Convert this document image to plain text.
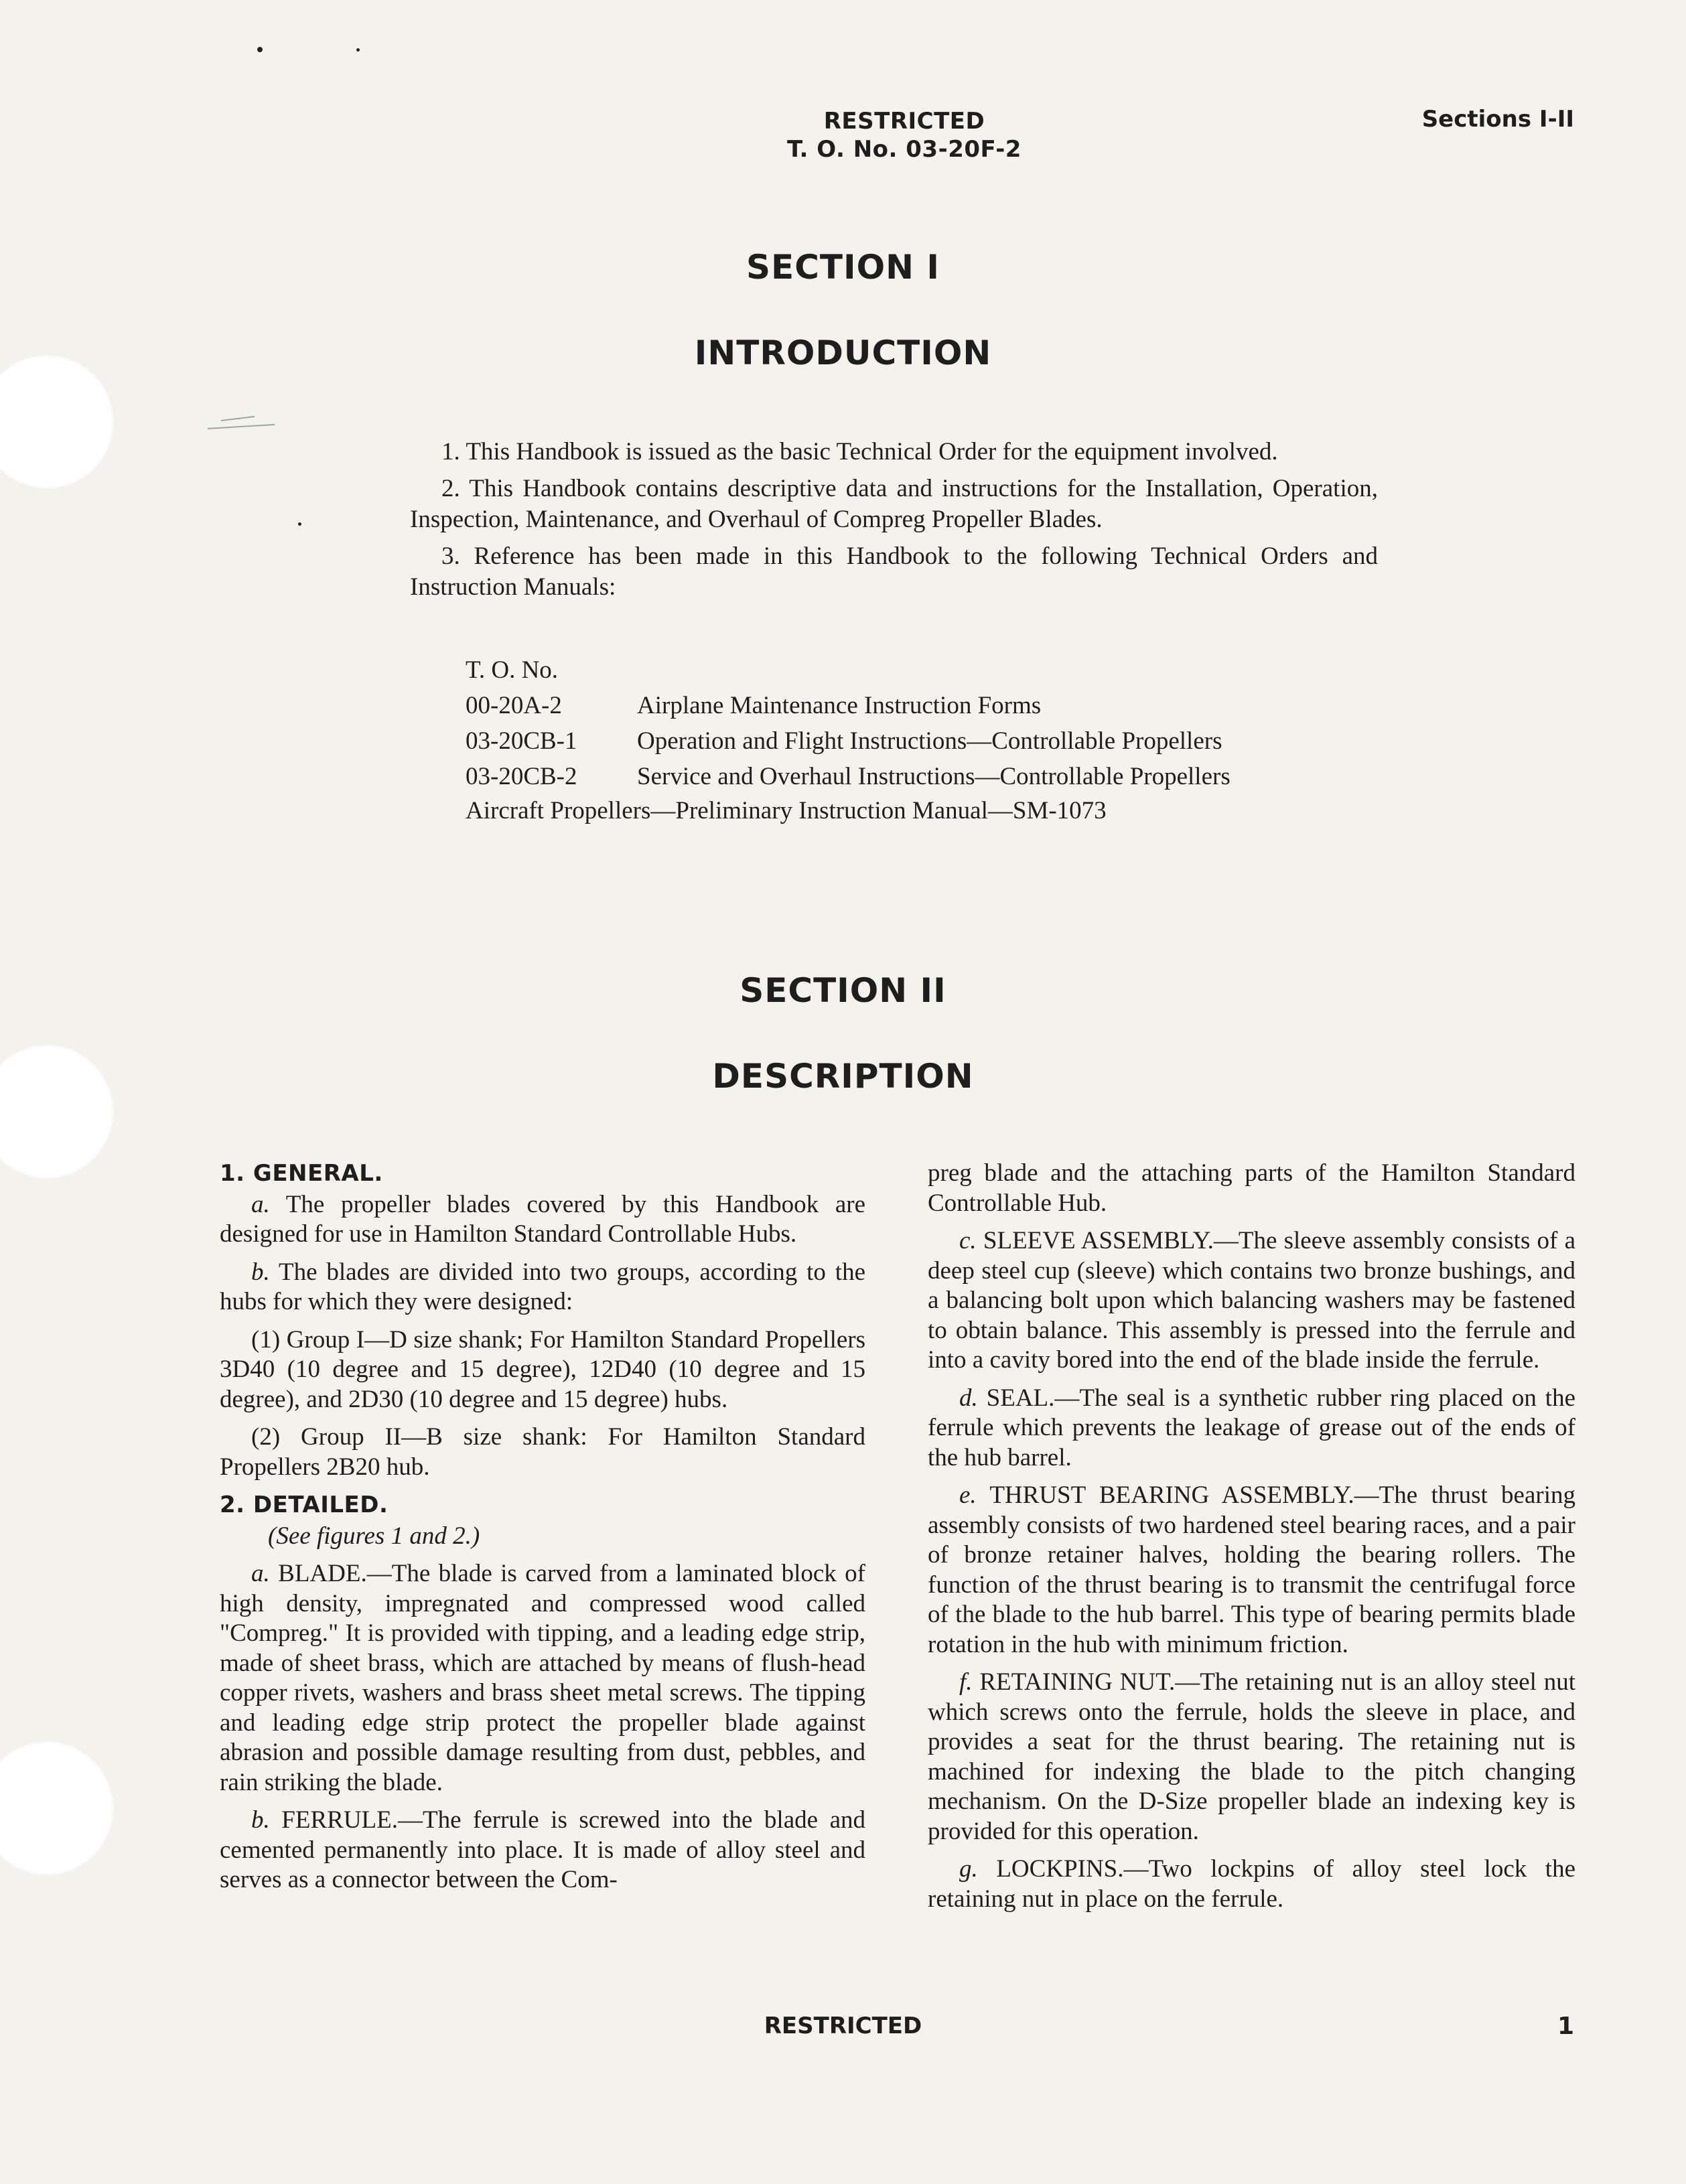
RESTRICTED
T. O. No. 03-20F-2
Sections I-II
SECTION I
INTRODUCTION

1. This Handbook is issued as the basic Technical Order for the equipment involved.

2. This Handbook contains descriptive data and instructions for the Installation, Operation, Inspection, Maintenance, and Overhaul of Compreg Propeller Blades.

3. Reference has been made in this Handbook to the following Technical Orders and Instruction Manuals:

T. O. No.
00-20A-2	Airplane Maintenance Instruction Forms
03-20CB-1 Operation and Flight Instructions—Controllable Propellers
03-20CB-2 Service and Overhaul Instructions—Controllable Propellers
Aircraft Propellers—Preliminary Instruction Manual—SM-1073
SECTION II
DESCRIPTION
1. GENERAL.

a. The propeller blades covered by this Handbook are designed for use in Hamilton Standard Controllable Hubs.

b. The blades are divided into two groups, according to the hubs for which they were designed:

(1) Group I—D size shank; For Hamilton Standard Propellers 3D40 (10 degree and 15 degree), 12D40 (10 degree and 15 degree), and 2D30 (10 degree and 15 degree) hubs.

(2) Group II—B size shank: For Hamilton Standard Propellers 2B20 hub.

2. DETAILED.

(See figures 1 and 2.)

a. BLADE.—The blade is carved from a laminated block of high density, impregnated and compressed wood called "Compreg." It is provided with tipping, and a leading edge strip, made of sheet brass, which are attached by means of flush-head copper rivets, washers and brass sheet metal screws. The tipping and leading edge strip protect the propeller blade against abrasion and possible damage resulting from dust, pebbles, and rain striking the blade.

b. FERRULE.—The ferrule is screwed into the blade and cemented permanently into place. It is made of alloy steel and serves as a connector between the Com-

preg blade and the attaching parts of the Hamilton Standard Controllable Hub.

c. SLEEVE ASSEMBLY.—The sleeve assembly consists of a deep steel cup (sleeve) which contains two bronze bushings, and a balancing bolt upon which balancing washers may be fastened to obtain balance. This assembly is pressed into the ferrule and into a cavity bored into the end of the blade inside the ferrule.

d. SEAL.—The seal is a synthetic rubber ring placed on the ferrule which prevents the leakage of grease out of the ends of the hub barrel.

e. THRUST BEARING ASSEMBLY.—The thrust bearing assembly consists of two hardened steel bearing races, and a pair of bronze retainer halves, holding the bearing rollers. The function of the thrust bearing is to transmit the centrifugal force of the blade to the hub barrel. This type of bearing permits blade rotation in the hub with minimum friction.

f. RETAINING NUT.—The retaining nut is an alloy steel nut which screws onto the ferrule, holds the sleeve in place, and provides a seat for the thrust bearing. The retaining nut is machined for indexing the blade to the pitch changing mechanism. On the D-Size propeller blade an indexing key is provided for this operation.

g. LOCKPINS.—Two lockpins of alloy steel lock the retaining nut in place on the ferrule.

RESTRICTED	1
